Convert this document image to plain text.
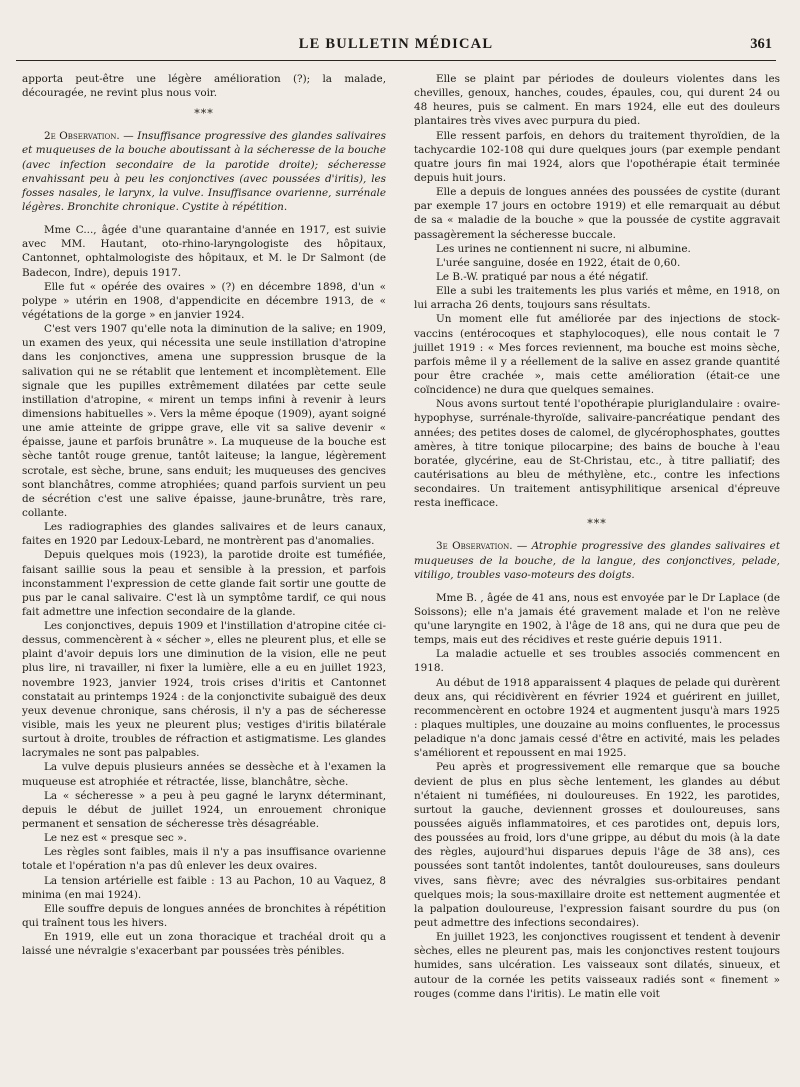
LE BULLETIN MÉDICAL	361

apporta peut-être une légère amélioration (?); la malade, découragée, ne revint plus nous voir.

***

2e Observation. — Insuffisance progressive des glandes salivaires et muqueuses de la bouche aboutissant à la sécheresse de la bouche (avec infection secondaire de la parotide droite); sécheresse envahissant peu à peu les conjonctives (avec poussées d'iritis), les fosses nasales, le larynx, la vulve. Insuffisance ovarienne, surrénale légères. Bronchite chronique. Cystite à répétition.

Mme C..., âgée d'une quarantaine d'année en 1917, est suivie avec MM. Hautant, oto-rhino-laryngologiste des hôpitaux, Cantonnet, ophtalmologiste des hôpitaux, et M. le Dr Salmont (de Badecon, Indre), depuis 1917.

Elle fut « opérée des ovaires » (?) en décembre 1898, d'un « polype » utérin en 1908, d'appendicite en décembre 1913, de « végétations de la gorge » en janvier 1924.

C'est vers 1907 qu'elle nota la diminution de la salive; en 1909, un examen des yeux, qui nécessita une seule instillation d'atropine dans les conjonctives, amena une suppression brusque de la salivation qui ne se rétablit que lentement et incomplètement. Elle signale que les pupilles extrêmement dilatées par cette seule instillation d'atropine, « mirent un temps infini à revenir à leurs dimensions habituelles ». Vers la même époque (1909), ayant soigné une amie atteinte de grippe grave, elle vit sa salive devenir « épaisse, jaune et parfois brunâtre ». La muqueuse de la bouche est sèche tantôt rouge grenue, tantôt laiteuse; la langue, légèrement scrotale, est sèche, brune, sans enduit; les muqueuses des gencives sont blanchâtres, comme atrophiées; quand parfois survient un peu de sécrétion c'est une salive épaisse, jaune-brunâtre, très rare, collante.

Les radiographies des glandes salivaires et de leurs canaux, faites en 1920 par Ledoux-Lebard, ne montrèrent pas d'anomalies.

Depuis quelques mois (1923), la parotide droite est tuméfiée, faisant saillie sous la peau et sensible à la pression, et parfois inconstamment l'expression de cette glande fait sortir une goutte de pus par le canal salivaire. C'est là un symptôme tardif, ce qui nous fait admettre une infection secondaire de la glande.

Les conjonctives, depuis 1909 et l'instillation d'atropine citée ci-dessus, commencèrent à « sécher », elles ne pleurent plus, et elle se plaint d'avoir depuis lors une diminution de la vision, elle ne peut plus lire, ni travailler, ni fixer la lumière, elle a eu en juillet 1923, novembre 1923, janvier 1924, trois crises d'iritis et Cantonnet constatait au printemps 1924 : de la conjonctivite subaiguë des deux yeux devenue chronique, sans chérosis, il n'y a pas de sécheresse visible, mais les yeux ne pleurent plus; vestiges d'iritis bilatérale surtout à droite, troubles de réfraction et astigmatisme. Les glandes lacrymales ne sont pas palpables.

La vulve depuis plusieurs années se dessèche et à l'examen la muqueuse est atrophiée et rétractée, lisse, blanchâtre, sèche.

La « sécheresse » a peu à peu gagné le larynx déterminant, depuis le début de juillet 1924, un enrouement chronique permanent et sensation de sécheresse très désagréable.

Le nez est « presque sec ».

Les règles sont faibles, mais il n'y a pas insuffisance ovarienne totale et l'opération n'a pas dû enlever les deux ovaires.

La tension artérielle est faible : 13 au Pachon, 10 au Vaquez, 8 minima (en mai 1924).

Elle souffre depuis de longues années de bronchites à répétition qui traînent tous les hivers.

En 1919, elle eut un zona thoracique et trachéal droit qu a laissé une névralgie s'exacerbant par poussées très pénibles.

Elle se plaint par périodes de douleurs violentes dans les chevilles, genoux, hanches, coudes, épaules, cou, qui durent 24 ou 48 heures, puis se calment. En mars 1924, elle eut des douleurs plantaires très vives avec purpura du pied.

Elle ressent parfois, en dehors du traitement thyroïdien, de la tachycardie 102-108 qui dure quelques jours (par exemple pendant quatre jours fin mai 1924, alors que l'opothérapie était terminée depuis huit jours.

Elle a depuis de longues années des poussées de cystite (durant par exemple 17 jours en octobre 1919) et elle remarquait au début de sa « maladie de la bouche » que la poussée de cystite aggravait passagèrement la sécheresse buccale.

Les urines ne contiennent ni sucre, ni albumine.

L'urée sanguine, dosée en 1922, était de 0,60.

Le B.-W. pratiqué par nous a été négatif.

Elle a subi les traitements les plus variés et même, en 1918, on lui arracha 26 dents, toujours sans résultats.

Un moment elle fut améliorée par des injections de stock-vaccins (entérocoques et staphylocoques), elle nous contait le 7 juillet 1919 : « Mes forces reviennent, ma bouche est moins sèche, parfois même il y a réellement de la salive en assez grande quantité pour être crachée », mais cette amélioration (était-ce une coïncidence) ne dura que quelques semaines.

Nous avons surtout tenté l'opothérapie pluriglandulaire : ovaire-hypophyse, surrénale-thyroïde, salivaire-pancréatique pendant des années; des petites doses de calomel, de glycérophosphates, gouttes amères, à titre tonique pilocarpine; des bains de bouche à l'eau boratée, glycérine, eau de St-Christau, etc., à titre palliatif; des cautérisations au bleu de méthylène, etc., contre les infections secondaires. Un traitement antisyphilitique arsenical d'épreuve resta inefficace.

***

3e Observation. — Atrophie progressive des glandes salivaires et muqueuses de la bouche, de la langue, des conjonctives, pelade, vitiligo, troubles vaso-moteurs des doigts.

Mme B. , âgée de 41 ans, nous est envoyée par le Dr Laplace (de Soissons); elle n'a jamais été gravement malade et l'on ne relève qu'une laryngite en 1902, à l'âge de 18 ans, qui ne dura que peu de temps, mais eut des récidives et reste guérie depuis 1911.

La maladie actuelle et ses troubles associés commencent en 1918.

Au début de 1918 apparaissent 4 plaques de pelade qui durèrent deux ans, qui récidivèrent en février 1924 et guérirent en juillet, recommencèrent en octobre 1924 et augmentent jusqu'à mars 1925 : plaques multiples, une douzaine au moins confluentes, le processus peladique n'a donc jamais cessé d'être en activité, mais les pelades s'améliorent et repoussent en mai 1925.

Peu après et progressivement elle remarque que sa bouche devient de plus en plus sèche lentement, les glandes au début n'étaient ni tuméfiées, ni douloureuses. En 1922, les parotides, surtout la gauche, deviennent grosses et douloureuses, sans poussées aiguës inflammatoires, et ces parotides ont, depuis lors, des poussées au froid, lors d'une grippe, au début du mois (à la date des règles, aujourd'hui disparues depuis l'âge de 38 ans), ces poussées sont tantôt indolentes, tantôt douloureuses, sans douleurs vives, sans fièvre; avec des névralgies sus-orbitaires pendant quelques mois; la sous-maxillaire droite est nettement augmentée et la palpation douloureuse, l'expression faisant sourdre du pus (on peut admettre des infections secondaires).

En juillet 1923, les conjonctives rougissent et tendent à devenir sèches, elles ne pleurent pas, mais les conjonctives restent toujours humides, sans ulcération. Les vaisseaux sont dilatés, sinueux, et autour de la cornée les petits vaisseaux radiés sont « finement » rouges (comme dans l'iritis). Le matin elle voit
